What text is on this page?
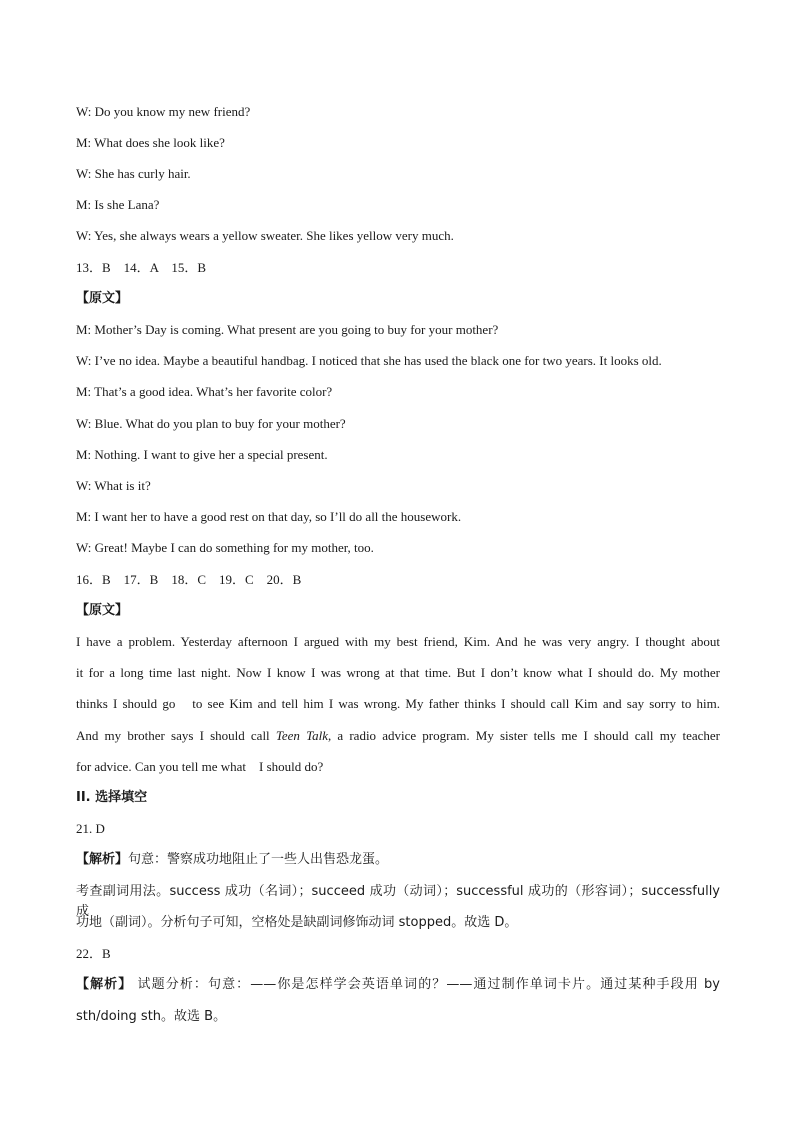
W: Do you know my new friend?
M: What does she look like?
W: She has curly hair.
M: Is she Lana?
W: Yes, she always wears a yellow sweater. She likes yellow very much.
13．B　14．A　15．B
【原文】
M: Mother’s Day is coming. What present are you going to buy for your mother?
W: I’ve no idea. Maybe a beautiful handbag. I noticed that she has used the black one for two years. It looks old.
M: That’s a good idea. What’s her favorite color?
W: Blue. What do you plan to buy for your mother?
M: Nothing. I want to give her a special present.
W: What is it?
M: I want her to have a good rest on that day, so I’ll do all the housework.
W: Great! Maybe I can do something for my mother, too.
16．B　17．B　18．C　19．C　20．B
【原文】
I have a problem. Yesterday afternoon I argued with my best friend, Kim. And he was very angry. I thought about
it for a long time last night. Now I know I was wrong at that time. But I don’t know what I should do. My mother
thinks I should go　to see Kim and tell him I was wrong. My father thinks I should call Kim and say sorry to him.
And my brother says I should call Teen Talk, a radio advice program. My sister tells me I should call my teacher
for advice. Can you tell me what　I should do?
II. 选择填空
21. D
【解析】句意：警察成功地阻止了一些人出售恐龙蛋。
考查副词用法。success 成功（名词）；succeed 成功（动词）；successful 成功的（形容词）；successfully 成
功地（副词）。分析句子可知，空格处是缺副词修饰动词 stopped。故选 D。
22．B
【解析】 试题分析：句意：——你是怎样学会英语单词的？——通过制作单词卡片。通过某种手段用 by
sth/doing sth。故选 B。
